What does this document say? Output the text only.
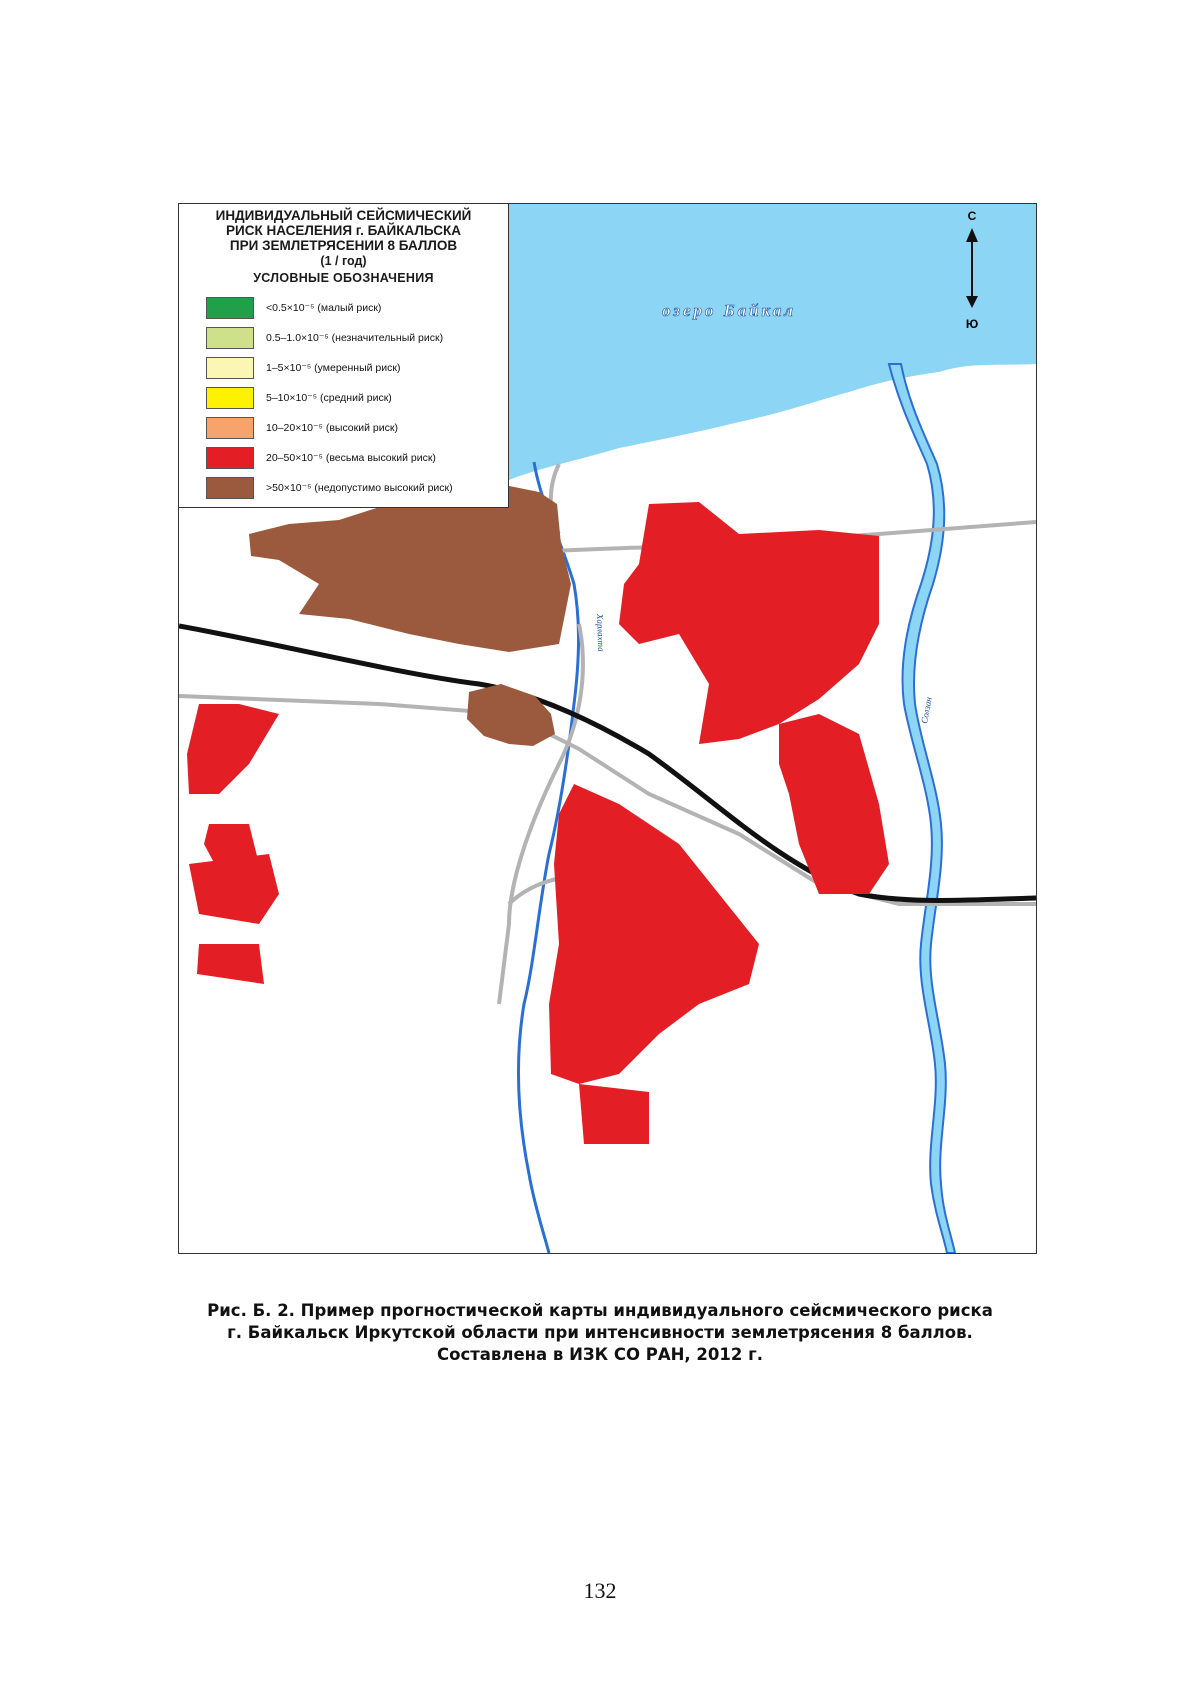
С
Ю
озеро Байкал
Харлахта
Солзан
ИНДИВИДУАЛЬНЫЙ СЕЙСМИЧЕСКИЙ
РИСК НАСЕЛЕНИЯ г. БАЙКАЛЬСКА
ПРИ ЗЕМЛЕТРЯСЕНИИ 8 БАЛЛОВ
(1 / год)
УСЛОВНЫЕ ОБОЗНАЧЕНИЯ
<0.5×10⁻⁵ (малый риск)
0.5–1.0×10⁻⁵ (незначительный риск)
1–5×10⁻⁵ (умеренный риск)
5–10×10⁻⁵ (средний риск)
10–20×10⁻⁵ (высокий риск)
20–50×10⁻⁵ (весьма высокий риск)
>50×10⁻⁵ (недопустимо высокий риск)
Рис. Б. 2. Пример прогностической карты индивидуального сейсмического риска
г. Байкальск Иркутской области при интенсивности землетрясения 8 баллов.
Составлена в ИЗК СО РАН, 2012 г.
132
